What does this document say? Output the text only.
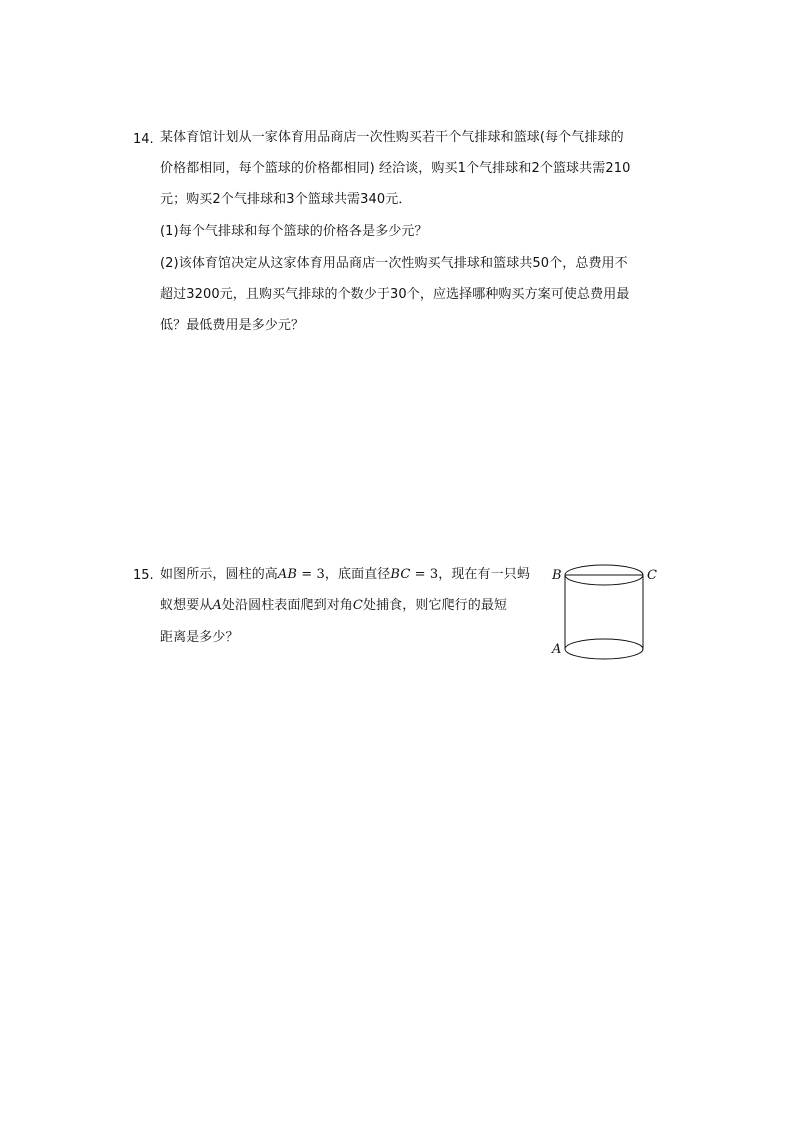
14. 某体育馆计划从一家体育用品商店一次性购买若干个气排球和篮球(每个气排球的
价格都相同，每个篮球的价格都相同) 经洽谈，购买1个气排球和2个篮球共需210
元；购买2个气排球和3个篮球共需340元．
(1)每个气排球和每个篮球的价格各是多少元？
(2)该体育馆决定从这家体育用品商店一次性购买气排球和篮球共50个，总费用不
超过3200元，且购买气排球的个数少于30个，应选择哪种购买方案可使总费用最
低？最低费用是多少元？
15. 如图所示，圆柱的高AB = 3，底面直径BC = 3，现在有一只蚂
蚁想要从A处沿圆柱表面爬到对角C处捕食，则它爬行的最短
距离是多少？
B	C
A
